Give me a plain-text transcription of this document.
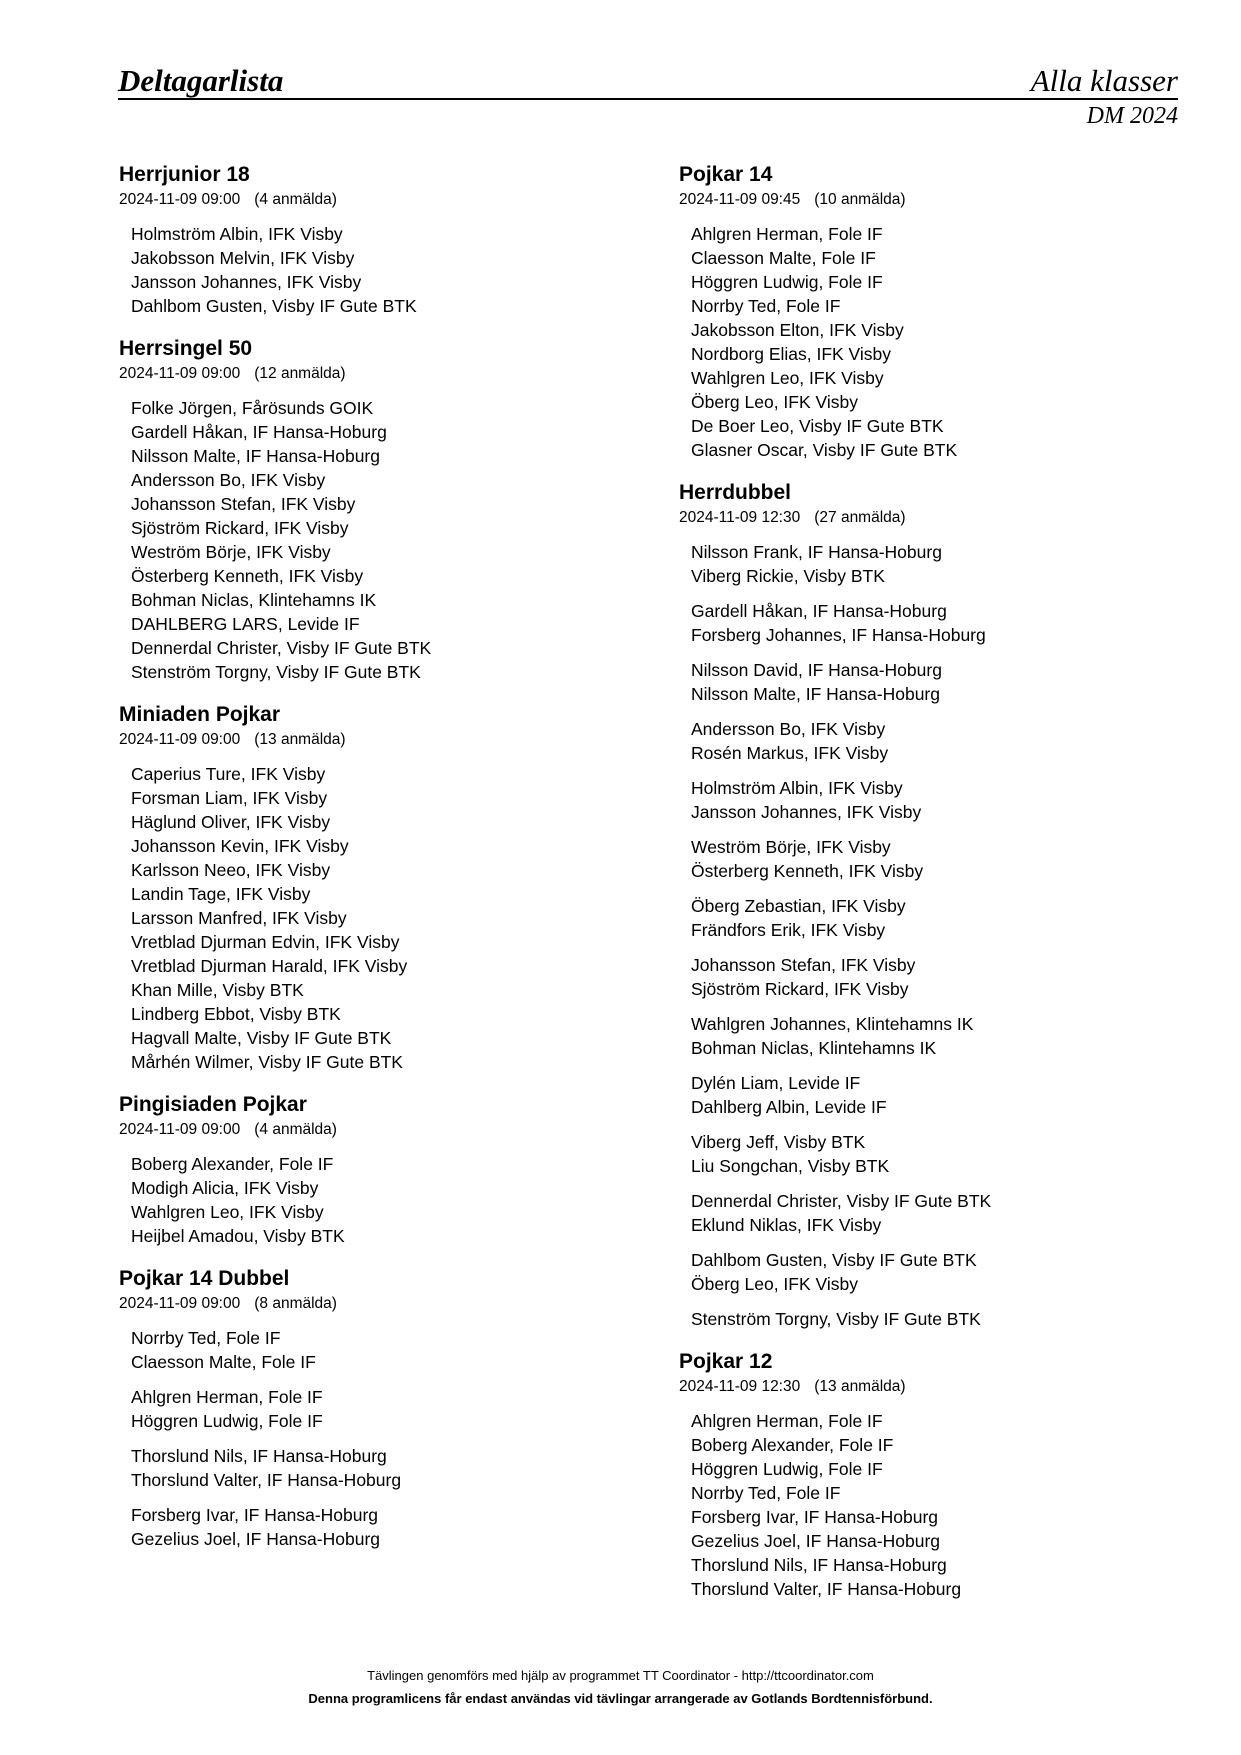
Deltagarlista	Alla klasser
DM 2024
Herrjunior 18
2024-11-09 09:00 (4 anmälda)
Holmström Albin, IFK Visby
Jakobsson Melvin, IFK Visby
Jansson Johannes, IFK Visby
Dahlbom Gusten, Visby IF Gute BTK
Herrsingel 50
2024-11-09 09:00 (12 anmälda)
Folke Jörgen, Fårösunds GOIK
Gardell Håkan, IF Hansa-Hoburg
Nilsson Malte, IF Hansa-Hoburg
Andersson Bo, IFK Visby
Johansson Stefan, IFK Visby
Sjöström Rickard, IFK Visby
Weström Börje, IFK Visby
Österberg Kenneth, IFK Visby
Bohman Niclas, Klintehamns IK
DAHLBERG LARS, Levide IF
Dennerdal Christer, Visby IF Gute BTK
Stenström Torgny, Visby IF Gute BTK
Miniaden Pojkar
2024-11-09 09:00 (13 anmälda)
Caperius Ture, IFK Visby
Forsman Liam, IFK Visby
Häglund Oliver, IFK Visby
Johansson Kevin, IFK Visby
Karlsson Neeo, IFK Visby
Landin Tage, IFK Visby
Larsson Manfred, IFK Visby
Vretblad Djurman Edvin, IFK Visby
Vretblad Djurman Harald, IFK Visby
Khan Mille, Visby BTK
Lindberg Ebbot, Visby BTK
Hagvall Malte, Visby IF Gute BTK
Mårhén Wilmer, Visby IF Gute BTK
Pingisiaden Pojkar
2024-11-09 09:00 (4 anmälda)
Boberg Alexander, Fole IF
Modigh Alicia, IFK Visby
Wahlgren Leo, IFK Visby
Heijbel Amadou, Visby BTK
Pojkar 14 Dubbel
2024-11-09 09:00 (8 anmälda)
Norrby Ted, Fole IF
Claesson Malte, Fole IF
Ahlgren Herman, Fole IF
Höggren Ludwig, Fole IF
Thorslund Nils, IF Hansa-Hoburg
Thorslund Valter, IF Hansa-Hoburg
Forsberg Ivar, IF Hansa-Hoburg
Gezelius Joel, IF Hansa-Hoburg
Pojkar 14
2024-11-09 09:45 (10 anmälda)
Ahlgren Herman, Fole IF
Claesson Malte, Fole IF
Höggren Ludwig, Fole IF
Norrby Ted, Fole IF
Jakobsson Elton, IFK Visby
Nordborg Elias, IFK Visby
Wahlgren Leo, IFK Visby
Öberg Leo, IFK Visby
De Boer Leo, Visby IF Gute BTK
Glasner Oscar, Visby IF Gute BTK
Herrdubbel
2024-11-09 12:30 (27 anmälda)
Nilsson Frank, IF Hansa-Hoburg
Viberg Rickie, Visby BTK
Gardell Håkan, IF Hansa-Hoburg
Forsberg Johannes, IF Hansa-Hoburg
Nilsson David, IF Hansa-Hoburg
Nilsson Malte, IF Hansa-Hoburg
Andersson Bo, IFK Visby
Rosén Markus, IFK Visby
Holmström Albin, IFK Visby
Jansson Johannes, IFK Visby
Weström Börje, IFK Visby
Österberg Kenneth, IFK Visby
Öberg Zebastian, IFK Visby
Frändfors Erik, IFK Visby
Johansson Stefan, IFK Visby
Sjöström Rickard, IFK Visby
Wahlgren Johannes, Klintehamns IK
Bohman Niclas, Klintehamns IK
Dylén Liam, Levide IF
Dahlberg Albin, Levide IF
Viberg Jeff, Visby BTK
Liu Songchan, Visby BTK
Dennerdal Christer, Visby IF Gute BTK
Eklund Niklas, IFK Visby
Dahlbom Gusten, Visby IF Gute BTK
Öberg Leo, IFK Visby
Stenström Torgny, Visby IF Gute BTK
Pojkar 12
2024-11-09 12:30 (13 anmälda)
Ahlgren Herman, Fole IF
Boberg Alexander, Fole IF
Höggren Ludwig, Fole IF
Norrby Ted, Fole IF
Forsberg Ivar, IF Hansa-Hoburg
Gezelius Joel, IF Hansa-Hoburg
Thorslund Nils, IF Hansa-Hoburg
Thorslund Valter, IF Hansa-Hoburg
Tävlingen genomförs med hjälp av programmet TT Coordinator - http://ttcoordinator.com
Denna programlicens får endast användas vid tävlingar arrangerade av Gotlands Bordtennisförbund.
